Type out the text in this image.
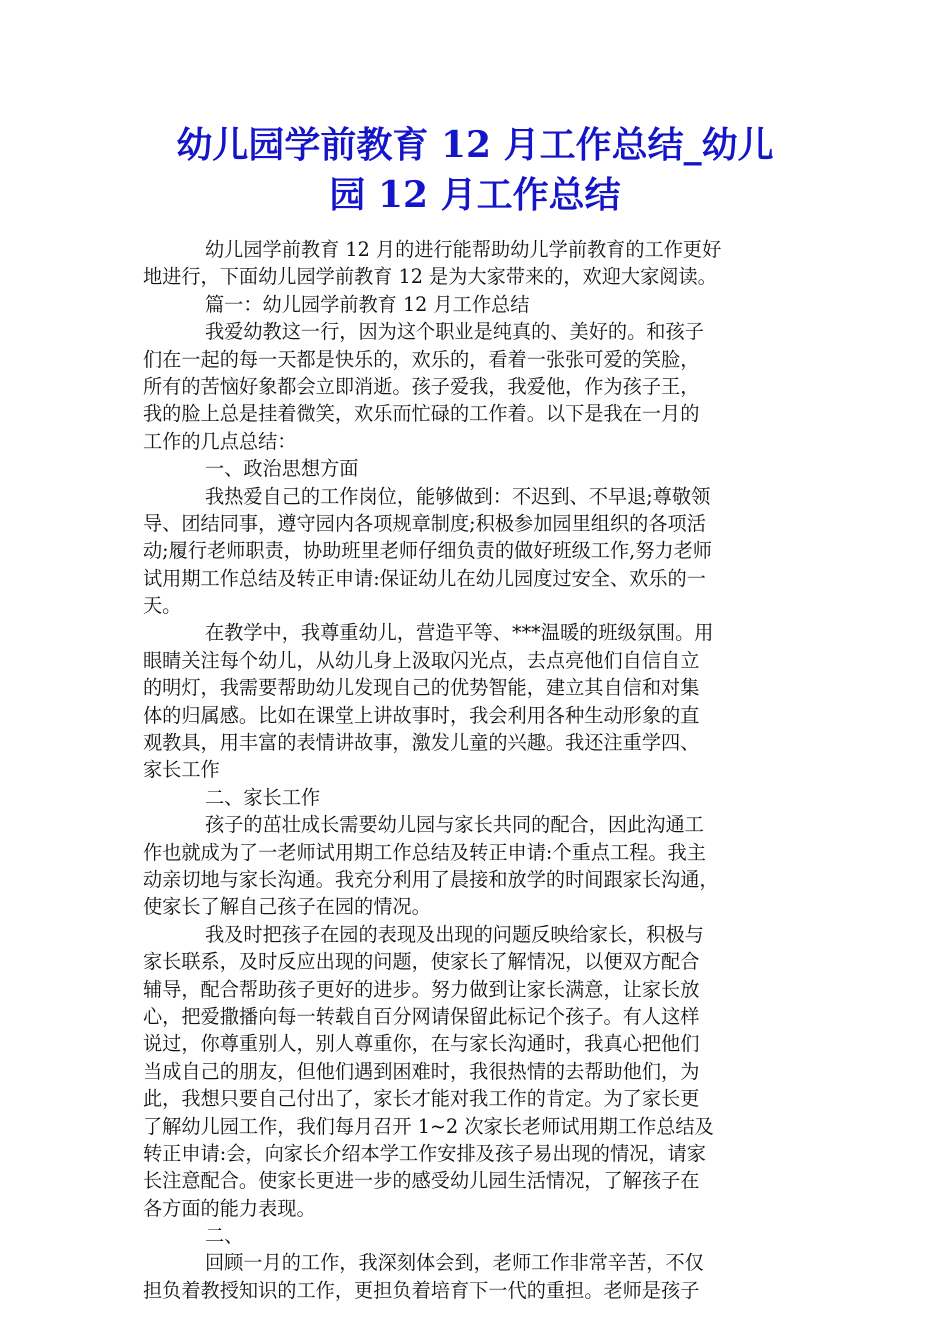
幼儿园学前教育 12 月工作总结_幼儿
园 12 月工作总结
幼儿园学前教育 12 月的进行能帮助幼儿学前教育的工作更好
地进行，下面幼儿园学前教育 12 是为大家带来的，欢迎大家阅读。
篇一：幼儿园学前教育 12 月工作总结
我爱幼教这一行，因为这个职业是纯真的、美好的。和孩子
们在一起的每一天都是快乐的，欢乐的，看着一张张可爱的笑脸，
所有的苦恼好象都会立即消逝。孩子爱我，我爱他，作为孩子王，
我的脸上总是挂着微笑，欢乐而忙碌的工作着。以下是我在一月的
工作的几点总结：
一、政治思想方面
我热爱自己的工作岗位，能够做到：不迟到、不早退;尊敬领
导、团结同事，遵守园内各项规章制度;积极参加园里组织的各项活
动;履行老师职责，协助班里老师仔细负责的做好班级工作,努力老师
试用期工作总结及转正申请:保证幼儿在幼儿园度过安全、欢乐的一
天。
在教学中，我尊重幼儿，营造平等、***温暖的班级氛围。用
眼睛关注每个幼儿，从幼儿身上汲取闪光点，去点亮他们自信自立
的明灯，我需要帮助幼儿发现自己的优势智能，建立其自信和对集
体的归属感。比如在课堂上讲故事时，我会利用各种生动形象的直
观教具，用丰富的表情讲故事，激发儿童的兴趣。我还注重学四、
家长工作
二、家长工作
孩子的茁壮成长需要幼儿园与家长共同的配合，因此沟通工
作也就成为了一老师试用期工作总结及转正申请:个重点工程。我主
动亲切地与家长沟通。我充分利用了晨接和放学的时间跟家长沟通，
使家长了解自己孩子在园的情况。
我及时把孩子在园的表现及出现的问题反映给家长，积极与
家长联系，及时反应出现的问题，使家长了解情况，以便双方配合
辅导，配合帮助孩子更好的进步。努力做到让家长满意，让家长放
心，把爱撒播向每一转载自百分网请保留此标记个孩子。有人这样
说过，你尊重别人，别人尊重你，在与家长沟通时，我真心把他们
当成自己的朋友，但他们遇到困难时，我很热情的去帮助他们，为
此，我想只要自己付出了，家长才能对我工作的肯定。为了家长更
了解幼儿园工作，我们每月召开 1~2 次家长老师试用期工作总结及
转正申请:会，向家长介绍本学工作安排及孩子易出现的情况，请家
长注意配合。使家长更进一步的感受幼儿园生活情况，了解孩子在
各方面的能力表现。
二、
回顾一月的工作，我深刻体会到，老师工作非常辛苦，不仅
担负着教授知识的工作，更担负着培育下一代的重担。老师是孩子
